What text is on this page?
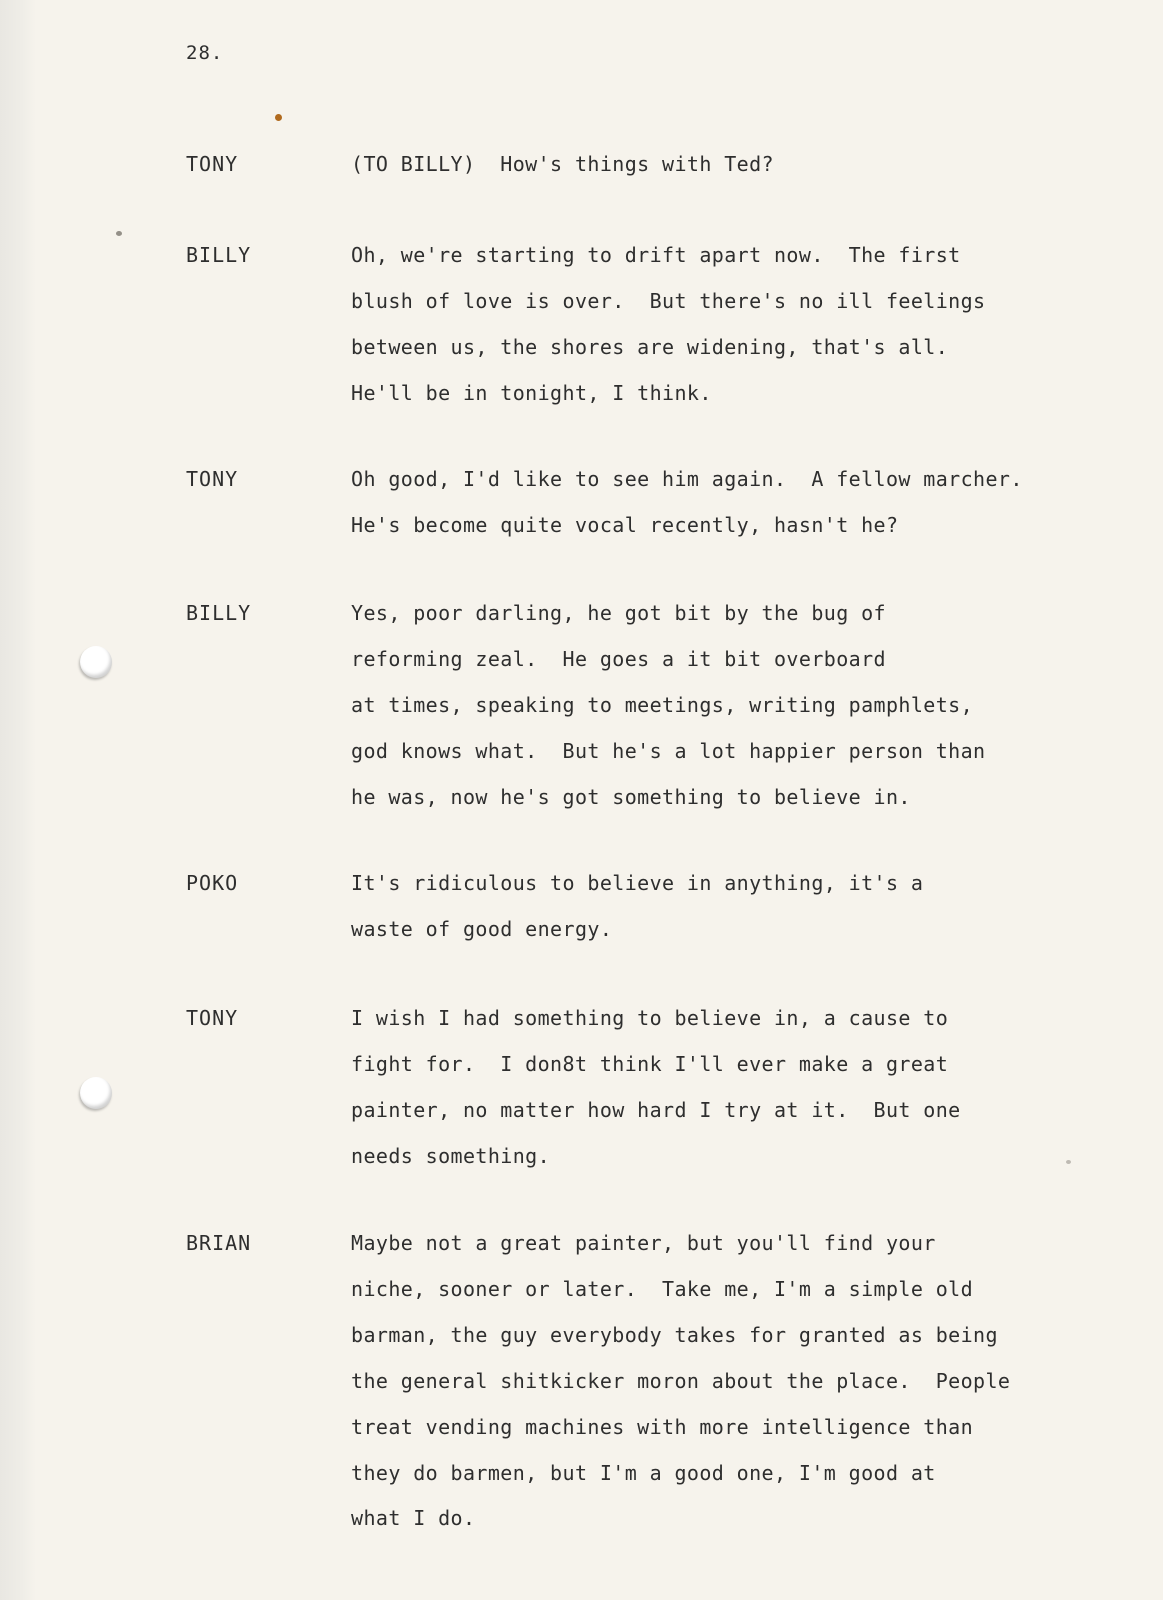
28.
TONY	(TO BILLY)  How's things with Ted?
BILLY	Oh, we're starting to drift apart now.  The first
blush of love is over.  But there's no ill feelings
between us, the shores are widening, that's all.
He'll be in tonight, I think.
TONY	Oh good, I'd like to see him again.  A fellow marcher.
He's become quite vocal recently, hasn't he?
BILLY	Yes, poor darling, he got bit by the bug of
reforming zeal.  He goes a it bit overboard
at times, speaking to meetings, writing pamphlets,
god knows what.  But he's a lot happier person than
he was, now he's got something to believe in.
POKO	It's ridiculous to believe in anything, it's a
waste of good energy.
TONY	I wish I had something to believe in, a cause to
fight for.  I don8t think I'll ever make a great
painter, no matter how hard I try at it.  But one
needs something.
BRIAN	Maybe not a great painter, but you'll find your
niche, sooner or later.  Take me, I'm a simple old
barman, the guy everybody takes for granted as being
the general shitkicker moron about the place.  People
treat vending machines with more intelligence than
they do barmen, but I'm a good one, I'm good at
what I do.
